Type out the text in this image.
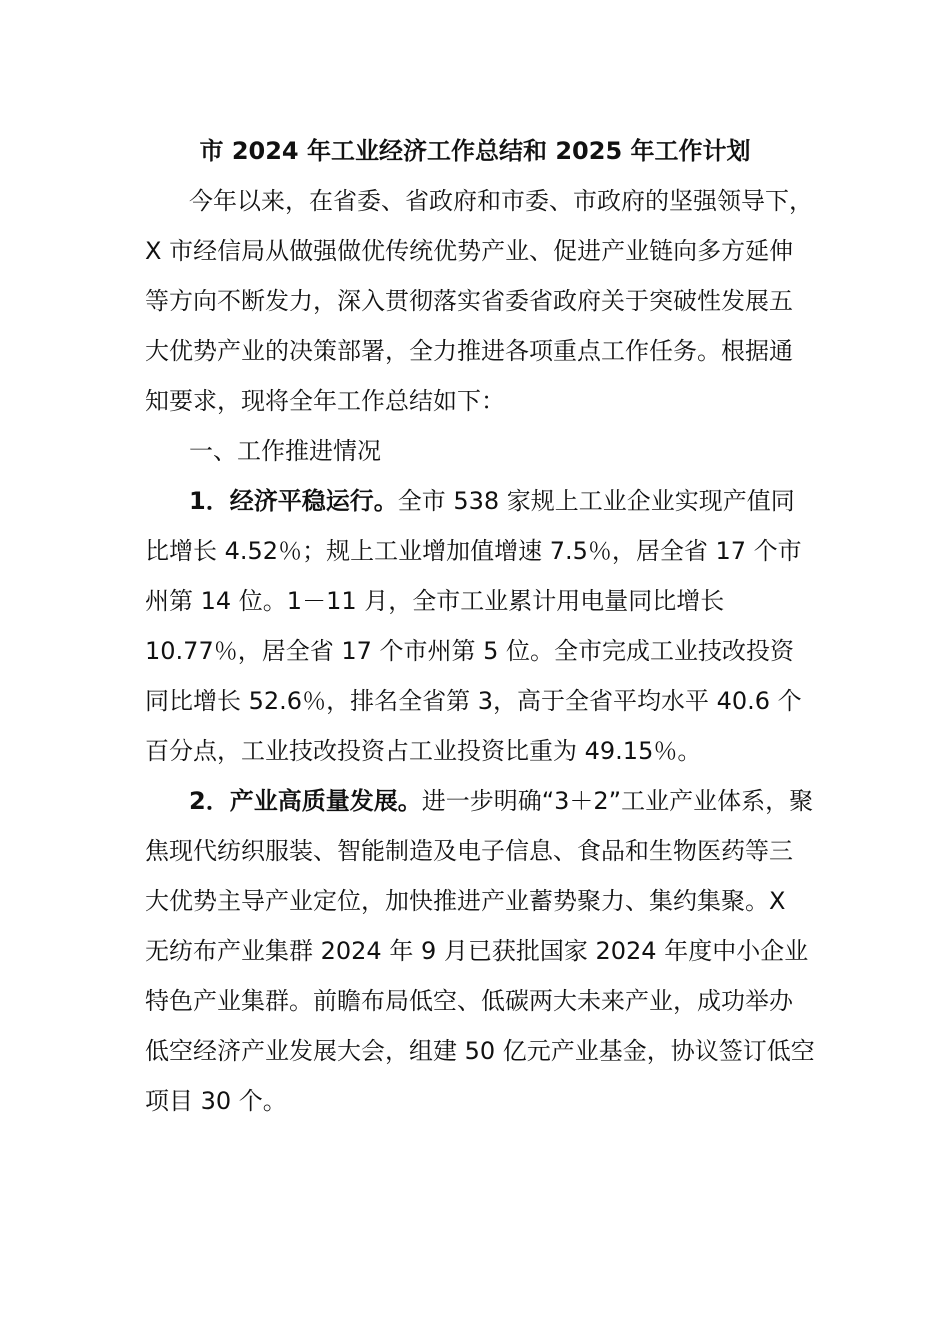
市 2024 年工业经济工作总结和 2025 年工作计划

今年以来，在省委、省政府和市委、市政府的坚强领导下，X 市经信局从做强做优传统优势产业、促进产业链向多方延伸等方向不断发力，深入贯彻落实省委省政府关于突破性发展五大优势产业的决策部署，全力推进各项重点工作任务。根据通知要求，现将全年工作总结如下：

一、工作推进情况

1．经济平稳运行。全市 538 家规上工业企业实现产值同比增长 4.52％；规上工业增加值增速 7.5％，居全省 17 个市州第 14 位。1－11 月，全市工业累计用电量同比增长 10.77％，居全省 17 个市州第 5 位。全市完成工业技改投资同比增长 52.6％，排名全省第 3，高于全省平均水平 40.6 个百分点，工业技改投资占工业投资比重为 49.15％。

2．产业高质量发展。进一步明确“3＋2”工业产业体系，聚焦现代纺织服装、智能制造及电子信息、食品和生物医药等三大优势主导产业定位，加快推进产业蓄势聚力、集约集聚。X 无纺布产业集群 2024 年 9 月已获批国家 2024 年度中小企业特色产业集群。前瞻布局低空、低碳两大未来产业，成功举办低空经济产业发展大会，组建 50 亿元产业基金，协议签订低空项目 30 个。
